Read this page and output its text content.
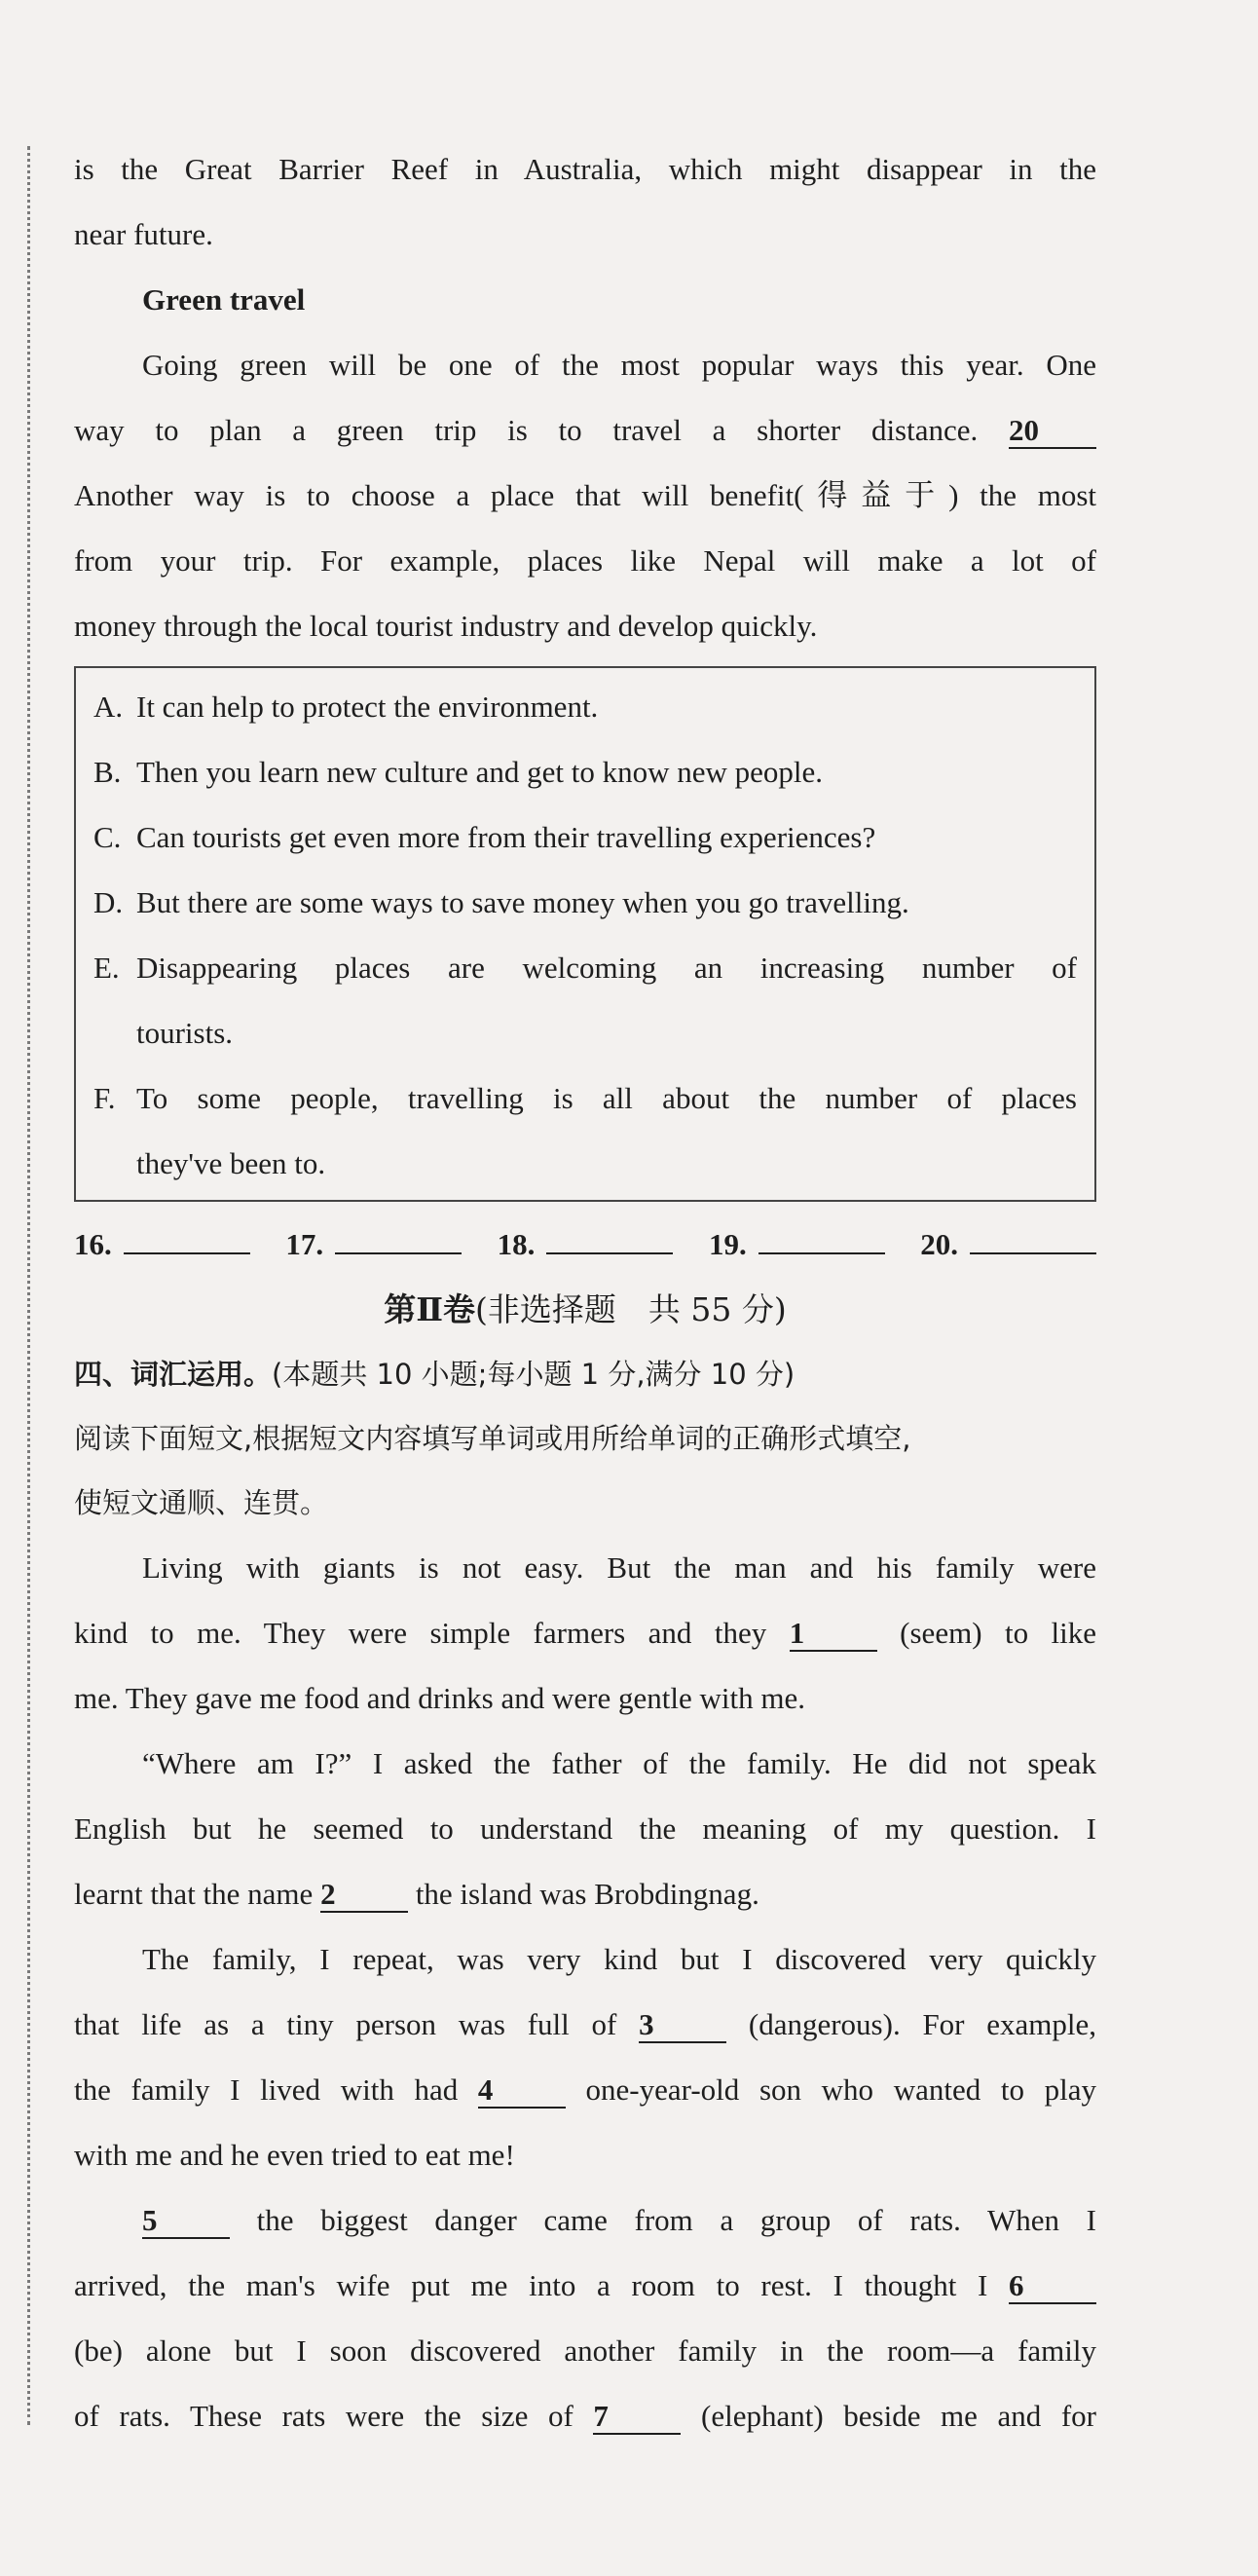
is the Great Barrier Reef in Australia, which might disappear in the

near future.

Green travel

Going green will be one of the most popular ways this year. One

way to plan a green trip is to travel a shorter distance. 20

Another way is to choose a place that will benefit(得益于) the most

from your trip. For example, places like Nepal will make a lot of

money through the local tourist industry and develop quickly.

A. It can help to protect the environment.

B. Then you learn new culture and get to know new people.

C. Can tourists get even more from their travelling experiences?

D. But there are some ways to save money when you go travelling.

E. Disappearing places are welcoming an increasing number of

tourists.

F. To some people, travelling is all about the number of places

they've been to.

16.	17.	18.	19.	20.

第Ⅱ卷(非选择题　共 55 分)

四、词汇运用。(本题共 10 小题;每小题 1 分,满分 10 分)

阅读下面短文,根据短文内容填写单词或用所给单词的正确形式填空,

使短文通顺、连贯。

Living with giants is not easy. But the man and his family were

kind to me. They were simple farmers and they 1	(seem) to like

me. They gave me food and drinks and were gentle with me.

“Where am I?” I asked the father of the family. He did not speak

English but he seemed to understand the meaning of my question. I

learnt that the name 2	the island was Brobdingnag.

The family, I repeat, was very kind but I discovered very quickly

that life as a tiny person was full of 3	(dangerous). For example,

the family I lived with had 4	one-year-old son who wanted to play

with me and he even tried to eat me!

5	the biggest danger came from a group of rats. When I

arrived, the man's wife put me into a room to rest. I thought I 6

(be) alone but I soon discovered another family in the room—a family

of rats. These rats were the size of 7	(elephant) beside me and for
